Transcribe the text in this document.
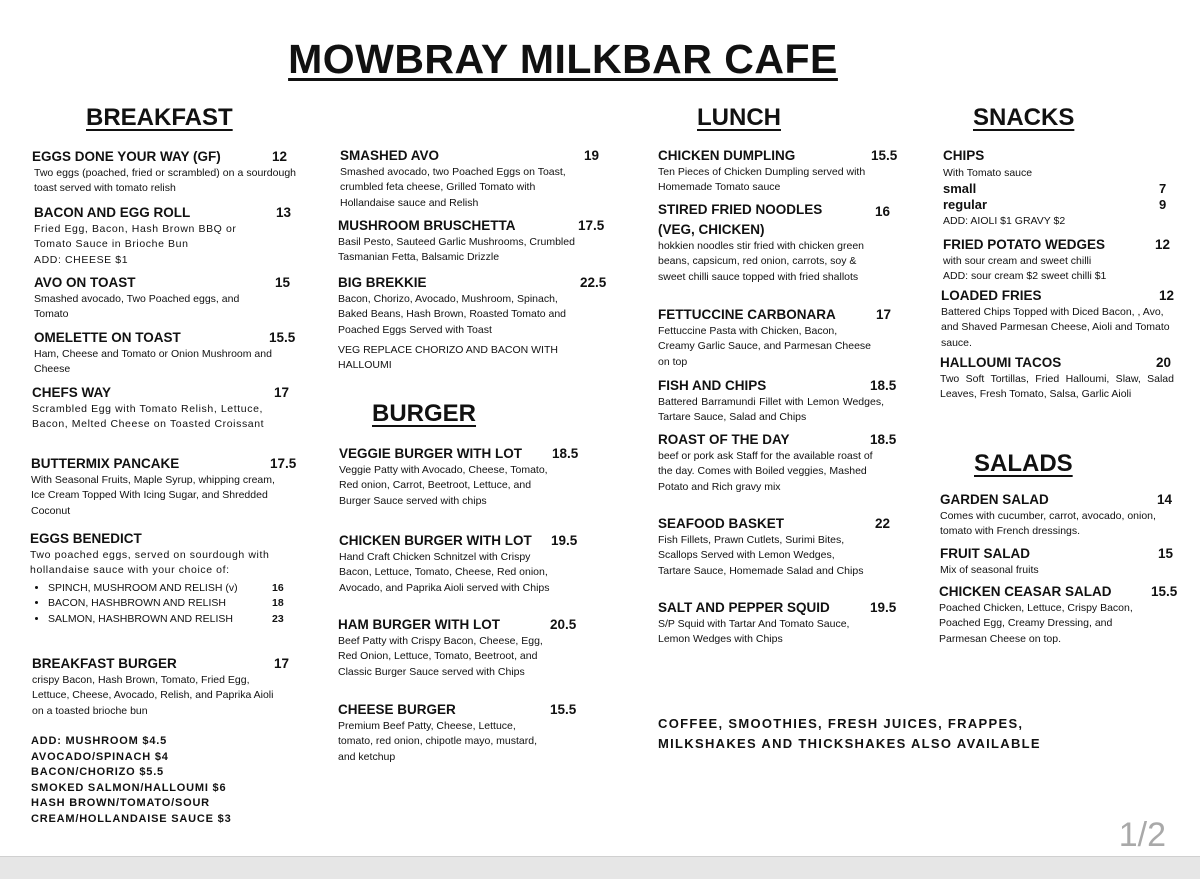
MOWBRAY MILKBAR CAFE
BREAKFAST
EGGS DONE YOUR WAY (GF)	12
Two eggs (poached, fried or scrambled) on a sourdough toast served with tomato relish
BACON AND EGG ROLL	13
Fried Egg, Bacon, Hash Brown BBQ or Tomato Sauce in Brioche Bun
ADD: CHEESE $1
AVO ON TOAST	15
Smashed avocado, Two Poached eggs, and Tomato
OMELETTE ON TOAST	15.5
Ham, Cheese and Tomato or Onion Mushroom and Cheese
CHEFS WAY	17
Scrambled Egg with Tomato Relish, Lettuce, Bacon, Melted Cheese on Toasted Croissant
BUTTERMIX PANCAKE	17.5
With Seasonal Fruits, Maple Syrup, whipping cream, Ice Cream Topped With Icing Sugar, and Shredded Coconut
EGGS BENEDICT
Two poached eggs, served on sourdough with hollandaise sauce with your choice of:
• SPINCH, MUSHROOM AND RELISH (v)	16
• BACON, HASHBROWN AND RELISH	18
• SALMON, HASHBROWN AND RELISH	23
BREAKFAST BURGER	17
crispy Bacon, Hash Brown, Tomato, Fried Egg, Lettuce, Cheese, Avocado, Relish, and Paprika Aioli on a toasted brioche bun
ADD: MUSHROOM $4.5
AVOCADO/SPINACH $4
BACON/CHORIZO $5.5
SMOKED SALMON/HALLOUMI $6
HASH BROWN/TOMATO/SOUR
CREAM/HOLLANDAISE SAUCE $3
SMASHED AVO	19
Smashed avocado, two Poached Eggs on Toast, crumbled feta cheese, Grilled Tomato with Hollandaise sauce and Relish
MUSHROOM BRUSCHETTA	17.5
Basil Pesto, Sauteed Garlic Mushrooms, Crumbled Tasmanian Fetta, Balsamic Drizzle
BIG BREKKIE	22.5
Bacon, Chorizo, Avocado, Mushroom, Spinach, Baked Beans, Hash Brown, Roasted Tomato and Poached Eggs Served with Toast
VEG REPLACE CHORIZO AND BACON WITH HALLOUMI
BURGER
VEGGIE BURGER WITH LOT 18.5
Veggie Patty with Avocado, Cheese, Tomato, Red onion, Carrot, Beetroot, Lettuce, and Burger Sauce served with chips
CHICKEN BURGER WITH LOT 19.5
Hand Craft Chicken Schnitzel with Crispy Bacon, Lettuce, Tomato, Cheese, Red onion, Avocado, and Paprika Aioli served with Chips
HAM BURGER WITH LOT	20.5
Beef Patty with Crispy Bacon, Cheese, Egg, Red Onion, Lettuce, Tomato, Beetroot, and Classic Burger Sauce served with Chips
CHEESE BURGER	15.5
Premium Beef Patty, Cheese, Lettuce, tomato, red onion, chipotle mayo, mustard, and ketchup
LUNCH
CHICKEN DUMPLING	15.5
Ten Pieces of Chicken Dumpling served with Homemade Tomato sauce
STIRED FRIED NOODLES	16
(VEG, CHICKEN)
hokkien noodles stir fried with chicken green beans, capsicum, red onion, carrots, soy & sweet chilli sauce topped with fried shallots
FETTUCCINE CARBONARA	17
Fettuccine Pasta with Chicken, Bacon, Creamy Garlic Sauce, and Parmesan Cheese on top
FISH AND CHIPS	18.5
Battered Barramundi Fillet with Lemon Wedges, Tartare Sauce, Salad and Chips
ROAST OF THE DAY	18.5
beef or pork ask Staff for the available roast of the day. Comes with Boiled veggies, Mashed Potato and Rich gravy mix
SEAFOOD BASKET	22
Fish Fillets, Prawn Cutlets, Surimi Bites, Scallops Served with Lemon Wedges, Tartare Sauce, Homemade Salad and Chips
SALT AND PEPPER SQUID	19.5
S/P Squid with Tartar And Tomato Sauce, Lemon Wedges with Chips
COFFEE, SMOOTHIES, FRESH JUICES, FRAPPES,
MILKSHAKES AND THICKSHAKES ALSO AVAILABLE
SNACKS
CHIPS
With Tomato sauce
small	7
regular	9
ADD: AIOLI $1 GRAVY $2
FRIED POTATO WEDGES	12
with sour cream and sweet chilli
ADD: sour cream $2 sweet chilli $1
LOADED FRIES	12
Battered Chips Topped with Diced Bacon, , Avo, and Shaved Parmesan Cheese, Aioli and Tomato sauce.
HALLOUMI TACOS	20
Two Soft Tortillas, Fried Halloumi, Slaw, Salad Leaves, Fresh Tomato, Salsa, Garlic Aioli
SALADS
GARDEN SALAD	14
Comes with cucumber, carrot, avocado, onion, tomato with French dressings.
FRUIT SALAD	15
Mix of seasonal fruits
CHICKEN CEASAR SALAD	15.5
Poached Chicken, Lettuce, Crispy Bacon, Poached Egg, Creamy Dressing, and Parmesan Cheese on top.
1/2
